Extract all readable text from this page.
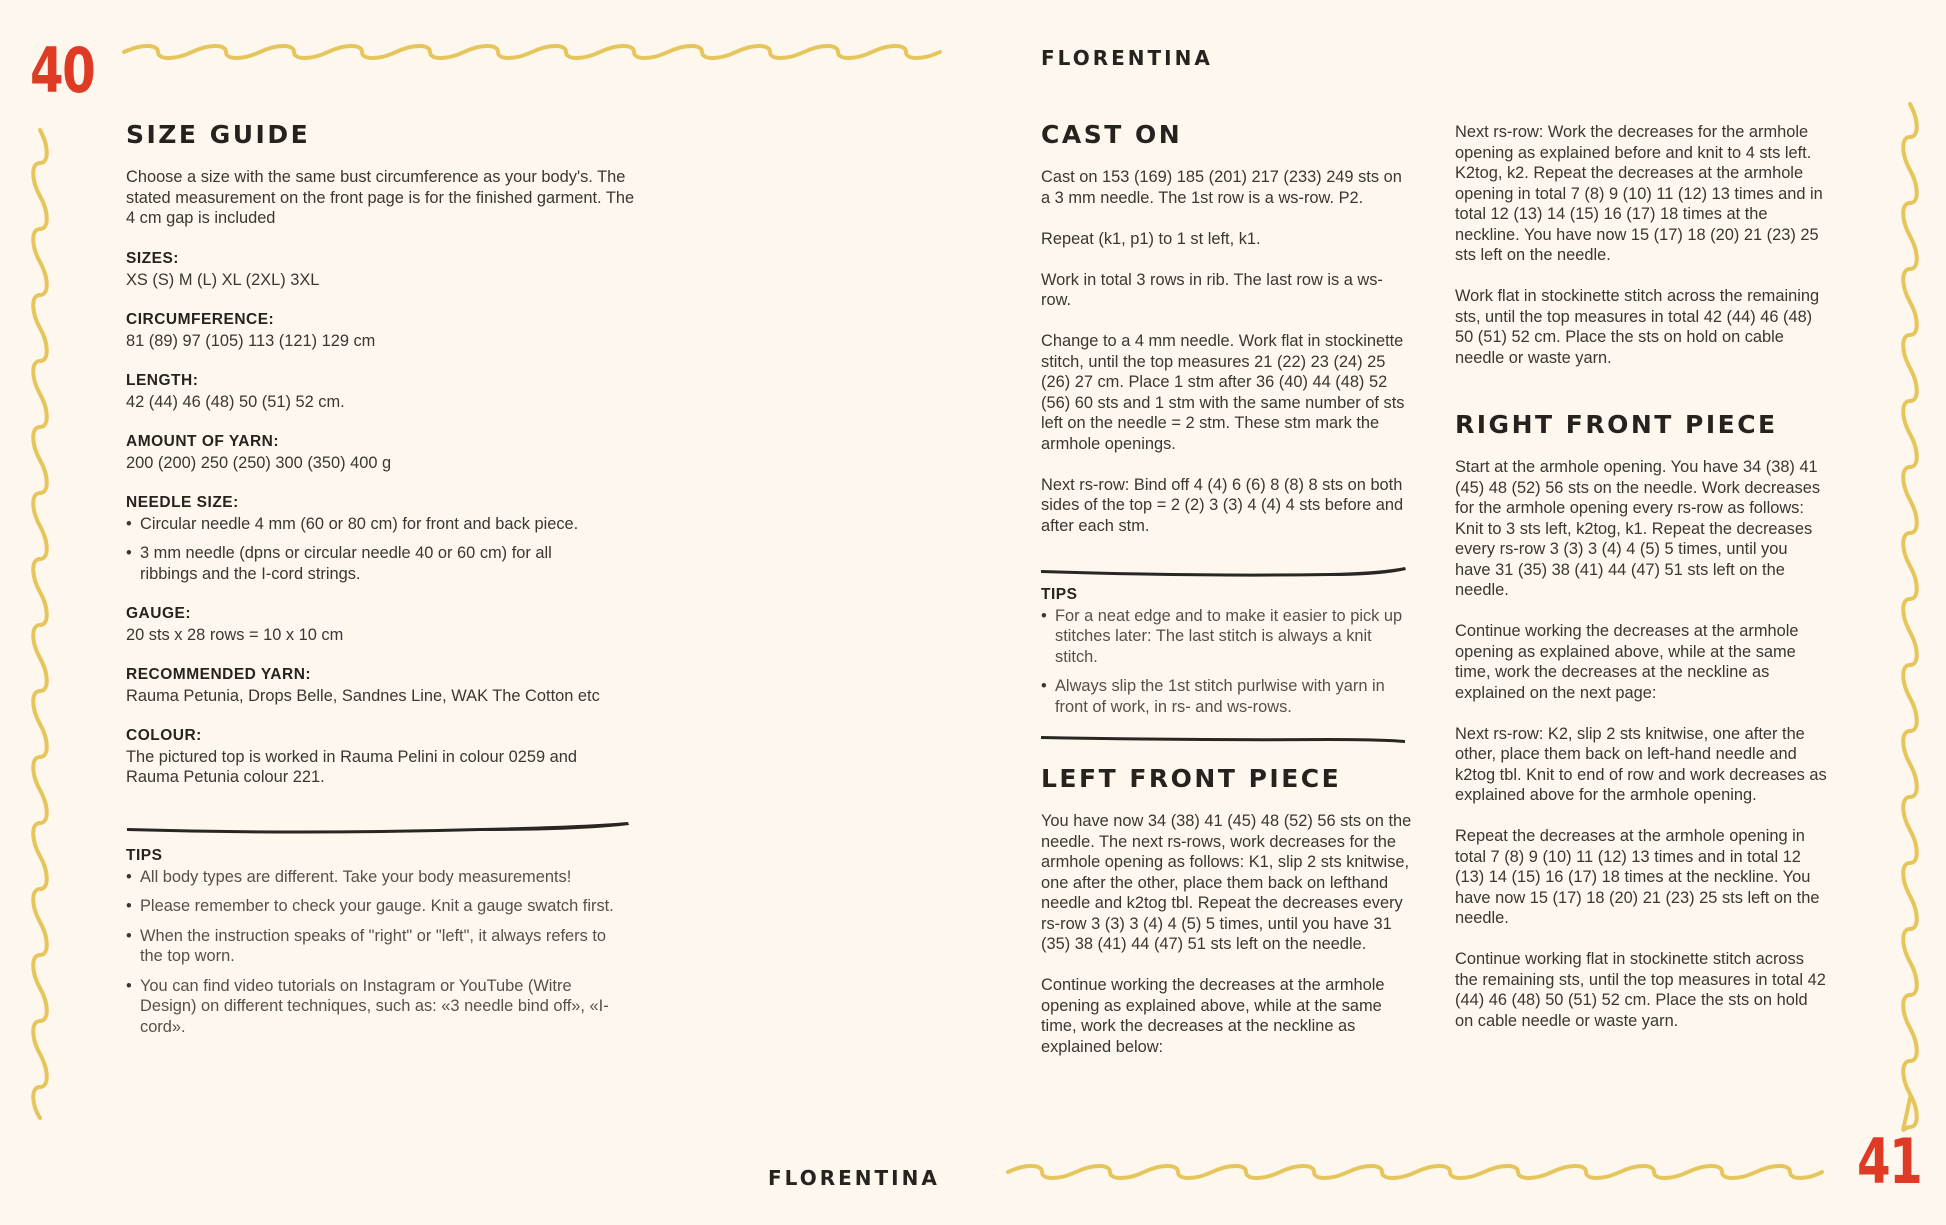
40
FLORENTINA
SIZE GUIDE

Choose a size with the same bust circumference as your body's. The stated measurement on the front page is for the finished garment. The 4 cm gap is included

SIZES:
XS (S) M (L) XL (2XL) 3XL
CIRCUMFERENCE:
81 (89) 97 (105) 113 (121) 129 cm
LENGTH:
42 (44) 46 (48) 50 (51) 52 cm.
AMOUNT OF YARN:
200 (200) 250 (250) 300 (350) 400 g
NEEDLE SIZE:
• Circular needle 4 mm (60 or 80 cm) for front and back piece.
• 3 mm needle (dpns or circular needle 40 or 60 cm) for all ribbings and the I-cord strings.
GAUGE:
20 sts x 28 rows = 10 x 10 cm
RECOMMENDED YARN:
Rauma Petunia, Drops Belle, Sandnes Line, WAK The Cotton etc
COLOUR:
The pictured top is worked in Rauma Pelini in colour 0259 and Rauma Petunia colour 221.
TIPS
• All body types are different. Take your body measurements!
• Please remember to check your gauge. Knit a gauge swatch first.
• When the instruction speaks of "right" or "left", it always refers to the top worn.
• You can find video tutorials on Instagram or YouTube (Witre Design) on different techniques, such as: «3 needle bind off», «I-cord».
FLORENTINA
41
CAST ON

Cast on 153 (169) 185 (201) 217 (233) 249 sts on a 3 mm needle. The 1st row is a ws-row. P2.

Repeat (k1, p1) to 1 st left, k1.

Work in total 3 rows in rib. The last row is a ws-row.

Change to a 4 mm needle. Work flat in stockinette stitch, until the top measures 21 (22) 23 (24) 25 (26) 27 cm. Place 1 stm after 36 (40) 44 (48) 52 (56) 60 sts and 1 stm with the same number of sts left on the needle = 2 stm. These stm mark the armhole openings.

Next rs-row: Bind off 4 (4) 6 (6) 8 (8) 8 sts on both sides of the top = 2 (2) 3 (3) 4 (4) 4 sts before and after each stm.

TIPS
• For a neat edge and to make it easier to pick up stitches later: The last stitch is always a knit stitch.
• Always slip the 1st stitch purlwise with yarn in front of work, in rs- and ws-rows.
LEFT FRONT PIECE

You have now 34 (38) 41 (45) 48 (52) 56 sts on the needle. The next rs-rows, work decreases for the armhole opening as follows: K1, slip 2 sts knitwise, one after the other, place them back on lefthand needle and k2tog tbl. Repeat the decreases every rs-row 3 (3) 3 (4) 4 (5) 5 times, until you have 31 (35) 38 (41) 44 (47) 51 sts left on the needle.

Continue working the decreases at the armhole opening as explained above, while at the same time, work the decreases at the neckline as explained below:

Next rs-row: Work the decreases for the armhole opening as explained before and knit to 4 sts left. K2tog, k2. Repeat the decreases at the armhole opening in total 7 (8) 9 (10) 11 (12) 13 times and in total 12 (13) 14 (15) 16 (17) 18 times at the neckline. You have now 15 (17) 18 (20) 21 (23) 25 sts left on the needle.

Work flat in stockinette stitch across the remaining sts, until the top measures in total 42 (44) 46 (48) 50 (51) 52 cm. Place the sts on hold on cable needle or waste yarn.

RIGHT FRONT PIECE

Start at the armhole opening. You have 34 (38) 41 (45) 48 (52) 56 sts on the needle. Work decreases for the armhole opening every rs-row as follows: Knit to 3 sts left, k2tog, k1. Repeat the decreases every rs-row 3 (3) 3 (4) 4 (5) 5 times, until you have 31 (35) 38 (41) 44 (47) 51 sts left on the needle.

Continue working the decreases at the armhole opening as explained above, while at the same time, work the decreases at the neckline as explained on the next page:

Next rs-row: K2, slip 2 sts knitwise, one after the other, place them back on left-hand needle and k2tog tbl. Knit to end of row and work decreases as explained above for the armhole opening.

Repeat the decreases at the armhole opening in total 7 (8) 9 (10) 11 (12) 13 times and in total 12 (13) 14 (15) 16 (17) 18 times at the neckline. You have now 15 (17) 18 (20) 21 (23) 25 sts left on the needle.

Continue working flat in stockinette stitch across the remaining sts, until the top measures in total 42 (44) 46 (48) 50 (51) 52 cm. Place the sts on hold on cable needle or waste yarn.
